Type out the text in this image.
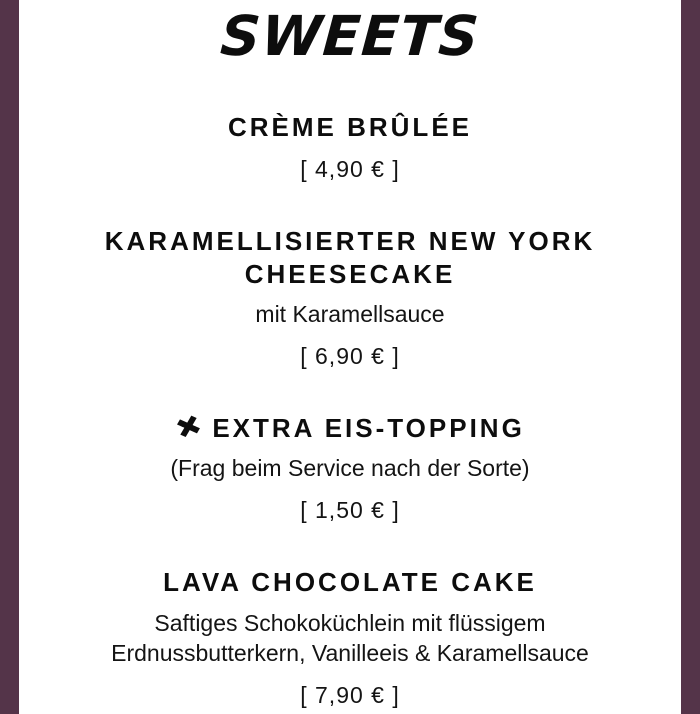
SWEETS
CRÈME BRÛLÉE
[ 4,90 € ]
KARAMELLISIERTER NEW YORK CHEESECAKE
mit Karamellsauce
[ 6,90 € ]
✚ EXTRA EIS-TOPPING
(Frag beim Service nach der Sorte)
[ 1,50 € ]
LAVA CHOCOLATE CAKE
Saftiges Schokoküchlein mit flüssigem Erdnussbutterkern, Vanilleeis & Karamellsauce
[ 7,90 € ]
